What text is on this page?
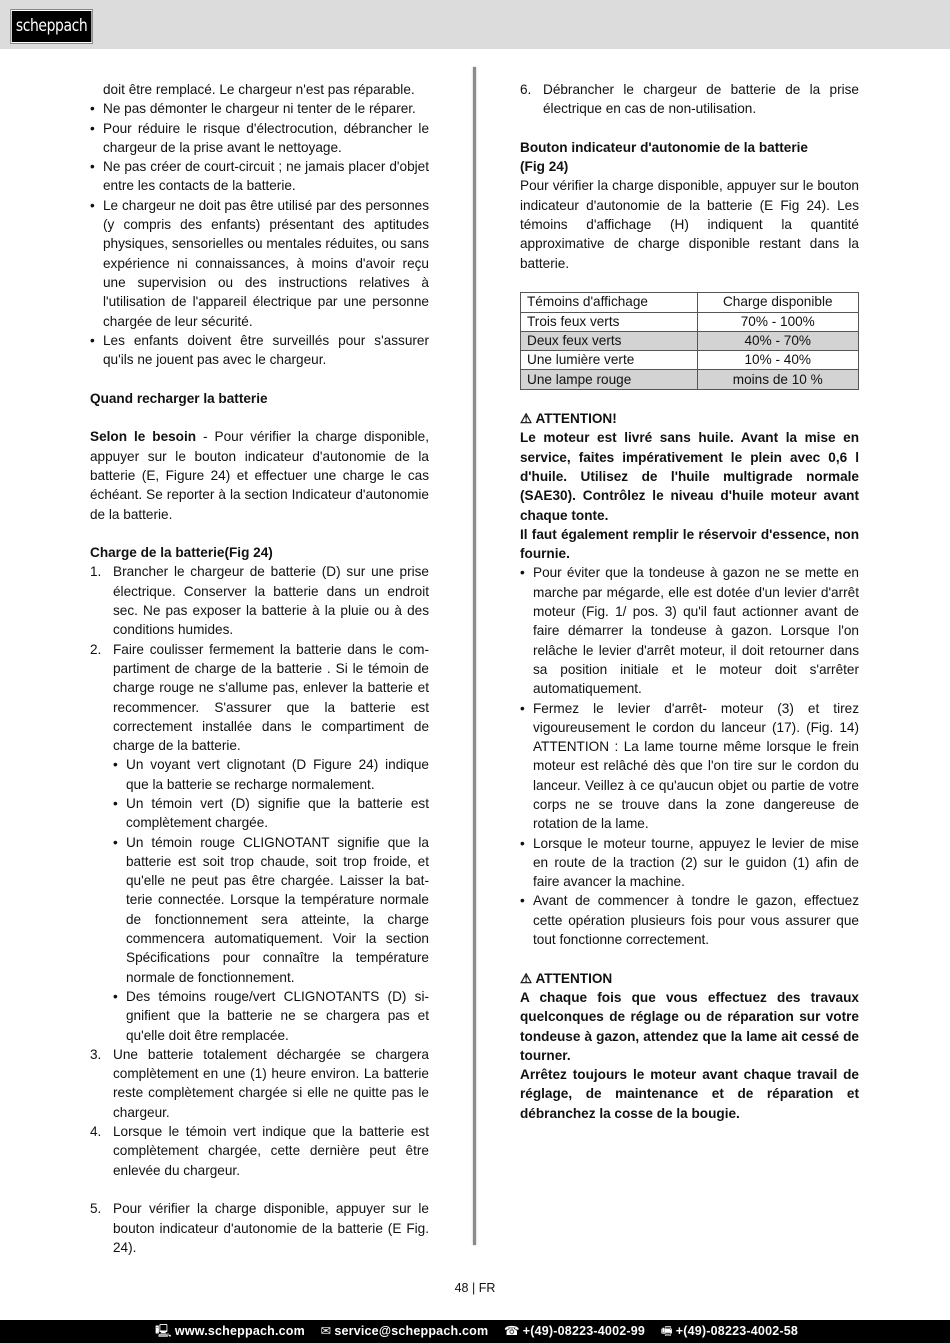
scheppach

doit être remplacé. Le chargeur n'est pas réparable.

• Ne pas démonter le chargeur ni tenter de le réparer.
• Pour réduire le risque d'électrocution, débrancher le chargeur de la prise avant le nettoyage.
• Ne pas créer de court-circuit ; ne jamais placer d'objet entre les contacts de la batterie.
• Le chargeur ne doit pas être utilisé par des personnes (y compris des enfants) présentant des aptitudes physiques, sensorielles ou mentales réduites, ou sans expérience ni connaissances, à moins d'avoir reçu une supervision ou des instructions relatives à l'utilisation de l'appareil électrique par une personne chargée de leur sécurité.
• Les enfants doivent être surveillés pour s'assurer qu'ils ne jouent pas avec le chargeur.

Quand recharger la batterie

Selon le besoin - Pour vérifier la charge disponible, appuyer sur le bouton indicateur d'autonomie de la batterie (E, Figure 24) et effectuer une charge le cas échéant. Se reporter à la section Indicateur d'autonomie de la batterie.

Charge de la batterie(Fig 24)

1. Brancher le chargeur de batterie (D) sur une prise électrique. Conserver la batterie dans un endroit sec. Ne pas exposer la batterie à la pluie ou à des conditions humides.
2. Faire coulisser fermement la batterie dans le compartiment de charge de la batterie . Si le témoin de charge rouge ne s'allume pas, enlever la batterie et recommencer. S'assurer que la batterie est correctement installée dans le compartiment de charge de la batterie.
• Un voyant vert clignotant (D Figure 24) indique que la batterie se recharge normalement.
• Un témoin vert (D) signifie que la batterie est complètement chargée.
• Un témoin rouge CLIGNOTANT signifie que la batterie est soit trop chaude, soit trop froide, et qu'elle ne peut pas être chargée. Laisser la batterie connectée. Lorsque la température normale de fonctionnement sera atteinte, la charge commencera automatiquement. Voir la section Spécifications pour connaître la température normale de fonctionnement.
• Des témoins rouge/vert CLIGNOTANTS (D) signifient que la batterie ne se chargera pas et qu'elle doit être remplacée.
3. Une batterie totalement déchargée se chargera complètement en une (1) heure environ. La batterie reste complètement chargée si elle ne quitte pas le chargeur.
4. Lorsque le témoin vert indique que la batterie est complètement chargée, cette dernière peut être enlevée du chargeur.
5. Pour vérifier la charge disponible, appuyer sur le bouton indicateur d'autonomie de la batterie (E Fig. 24).
6. Débrancher le chargeur de batterie de la prise électrique en cas de non-utilisation.

Bouton indicateur d'autonomie de la batterie

(Fig 24)

Pour vérifier la charge disponible, appuyer sur le bouton indicateur d'autonomie de la batterie (E Fig 24). Les témoins d'affichage (H) indiquent la quantité approximative de charge disponible restant dans la batterie.

Témoins d'affichage	Charge disponible
Trois feux verts	70% - 100%
Deux feux verts	40% - 70%
Une lumière verte	10% - 40%
Une lampe rouge	moins de 10 %

⚠ ATTENTION!

Le moteur est livré sans huile. Avant la mise en service, faites impérativement le plein avec 0,6 l d'huile. Utilisez de l'huile multigrade normale (SAE30). Contrôlez le niveau d'huile moteur avant chaque tonte.

Il faut également remplir le réservoir d'essence, non fournie.

• Pour éviter que la tondeuse à gazon ne se mette en marche par mégarde, elle est dotée d'un levier d'arrêt moteur (Fig. 1/ pos. 3) qu'il faut actionner avant de faire démarrer la tondeuse à gazon. Lorsque l'on relâche le levier d'arrêt moteur, il doit retourner dans sa position initiale et le moteur doit s'arrêter automatiquement.
• Fermez le levier d'arrêt- moteur (3) et tirez vigoureusement le cordon du lanceur (17). (Fig. 14) ATTENTION : La lame tourne même lorsque le frein moteur est relâché dès que l'on tire sur le cordon du lanceur. Veillez à ce qu'aucun objet ou partie de votre corps ne se trouve dans la zone dangereuse de rotation de la lame.
• Lorsque le moteur tourne, appuyez le levier de mise en route de la traction (2) sur le guidon (1) afin de faire avancer la machine.
• Avant de commencer à tondre le gazon, effectuez cette opération plusieurs fois pour vous assurer que tout fonctionne correctement.

⚠ ATTENTION

A chaque fois que vous effectuez des travaux quelconques de réglage ou de réparation sur votre tondeuse à gazon, attendez que la lame ait cessé de tourner.

Arrêtez toujours le moteur avant chaque travail de réglage, de maintenance et de réparation et débranchez la cosse de la bougie.

48 | FR
🖳 www.scheppach.com ✉ service@scheppach.com ☎ +(49)-08223-4002-99 🖷 +(49)-08223-4002-58
